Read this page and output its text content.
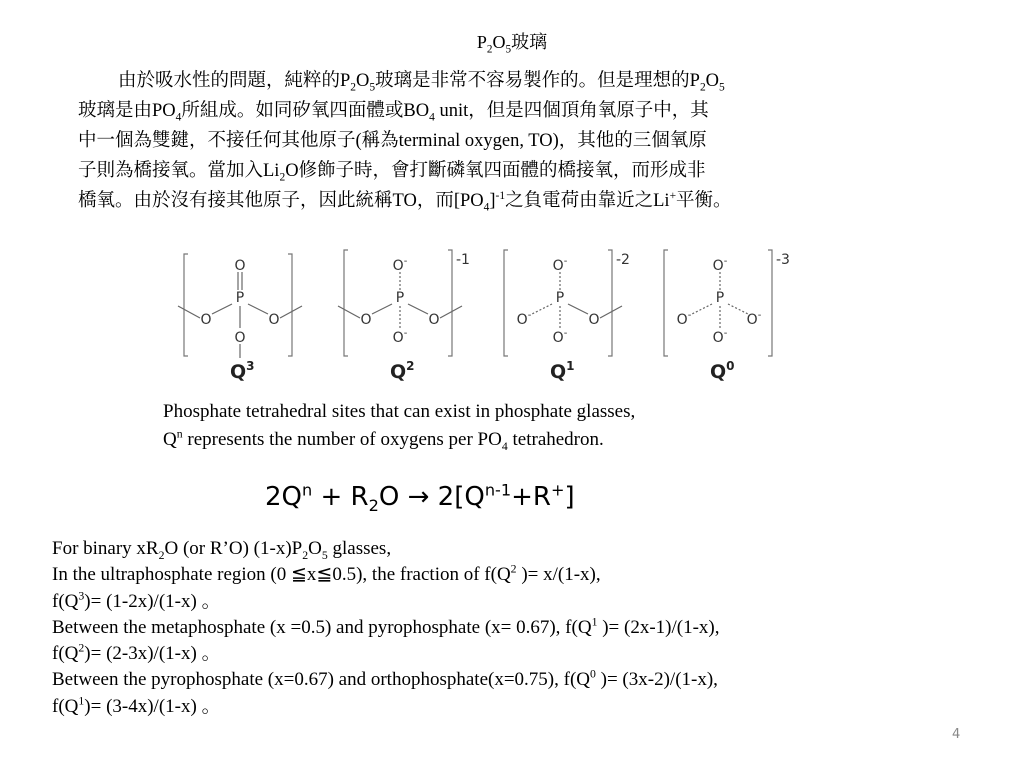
$P_2O_5$玻璃
由於吸水性的問題，純粹的$P_2O_5$玻璃是非常不容易製作的。但是理想的$P_2O_5$
玻璃是由$PO_4$所組成。如同矽氧四面體或$BO_4$ unit，但是四個頂角氧原子中，其
中一個為雙鍵，不接任何其他原子(稱為terminal oxygen, TO)，其他的三個氧原
子則為橋接氧。當加入$Li_2O$修飾子時，會打斷磷氧四面體的橋接氧，而形成非
橋氧。由於沒有接其他原子，因此統稱TO，而$[PO_4]^{-1}$之負電荷由靠近之Li+平衡。
O
P
O	O
O
$Q^3$
O-
P
O	O
O-
-1
$Q^2$
O-
P
O-	O
O-
-2
$Q^1$
O-
P
O-	O-
O-
-3
$Q^0$
Phosphate tetrahedral sites that can exist in phosphate glasses,
$Q^n$ represents the number of oxygens per $PO_4$ tetrahedron.
$2Q^n + R_2O \to 2[Q^{n-1}+R^+]$
For binary $xR_2O$ (or R’O) $(1-x)P_2O_5$ glasses,
In the ultraphosphate region (0 ≦x≦0.5), the fraction of $f(Q^2$ )= x/(1-x),
$f(Q^3)= (1-2x)/(1-x)$ 。
Between the metaphosphate (x =0.5) and pyrophosphate (x= 0.67), $f(Q^1$ )= (2x-1)/(1-x),
$f(Q^2)= (2-3x)/(1-x)$ 。
Between the pyrophosphate (x=0.67) and orthophosphate(x=0.75), $f(Q^0$ )= (3x-2)/(1-x),
$f(Q^1)= (3-4x)/(1-x)$ 。
4
